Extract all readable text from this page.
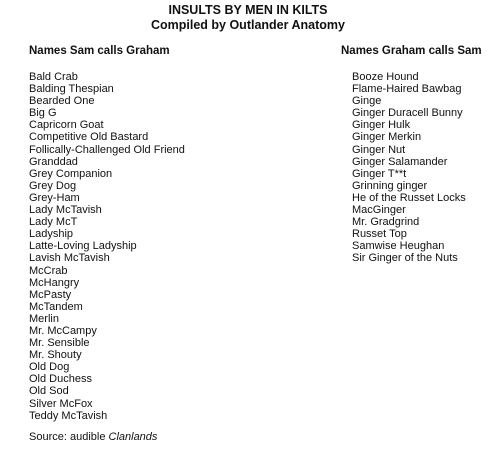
INSULTS BY MEN IN KILTS
Compiled by Outlander Anatomy
Names Sam calls Graham
Bald Crab
Balding Thespian
Bearded One
Big G
Capricorn Goat
Competitive Old Bastard
Follically-Challenged Old Friend
Granddad
Grey Companion
Grey Dog
Grey-Ham
Lady McTavish
Lady McT
Ladyship
Latte-Loving Ladyship
Lavish McTavish
McCrab
McHangry
McPasty
McTandem
Merlin
Mr. McCampy
Mr. Sensible
Mr. Shouty
Old Dog
Old Duchess
Old Sod
Silver McFox
Teddy McTavish
Names Graham calls Sam
Booze Hound
Flame-Haired Bawbag
Ginge
Ginger Duracell Bunny
Ginger Hulk
Ginger Merkin
Ginger Nut
Ginger Salamander
Ginger T**t
Grinning ginger
He of the Russet Locks
MacGinger
Mr. Gradgrind
Russet Top
Samwise Heughan
Sir Ginger of the Nuts
Source: audible Clanlands
